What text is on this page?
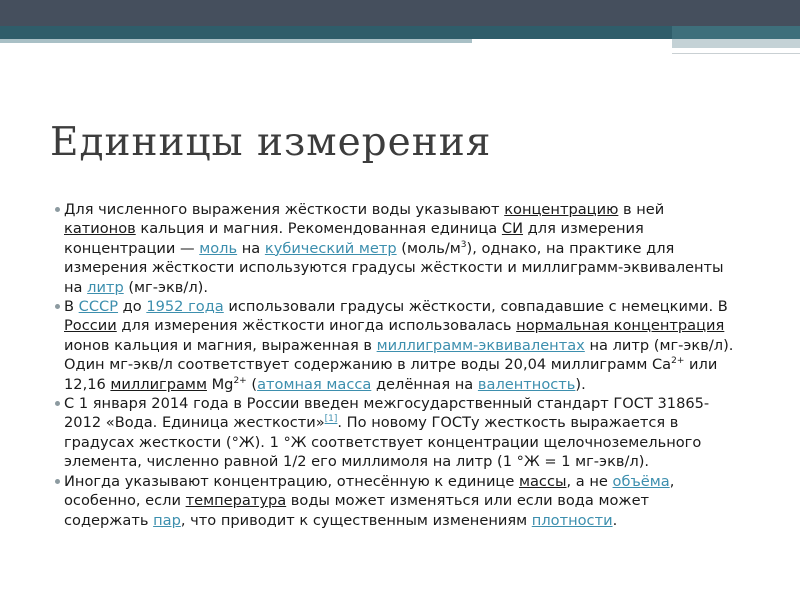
Единицы измерения

Для численного выражения жёсткости воды указывают концентрацию в ней катионов кальция и магния. Рекомендованная единица СИ для измерения концентрации — моль на кубический метр $(моль/м^3)$, однако, на практике для измерения жёсткости используются градусы жёсткости и миллиграмм-эквиваленты на литр (мг-экв/л).

В СССР до 1952 года использовали градусы жёсткости, совпадавшие с немецкими. В России для измерения жёсткости иногда использовалась нормальная концентрация ионов кальция и магния, выраженная в миллиграмм-эквивалентах на литр (мг-экв/л). Один мг-экв/л соответствует содержанию в литре воды 20,04 миллиграмм $Ca^{2+}$ или 12,16 миллиграмм $Mg^{2+}$ (атомная масса делённая на валентность).

С 1 января 2014 года в России введен межгосударственный стандарт ГОСТ 31865-2012 «Вода. Единица жесткости»[1]. По новому ГОСТу жесткость выражается в градусах жесткости (°Ж). 1 °Ж соответствует концентрации щелочноземельного элемента, численно равной 1/2 его миллимоля на литр (1 °Ж = 1 мг-экв/л).

Иногда указывают концентрацию, отнесённую к единице массы, а не объёма, особенно, если температура воды может изменяться или если вода может содержать пар, что приводит к существенным изменениям плотности.
